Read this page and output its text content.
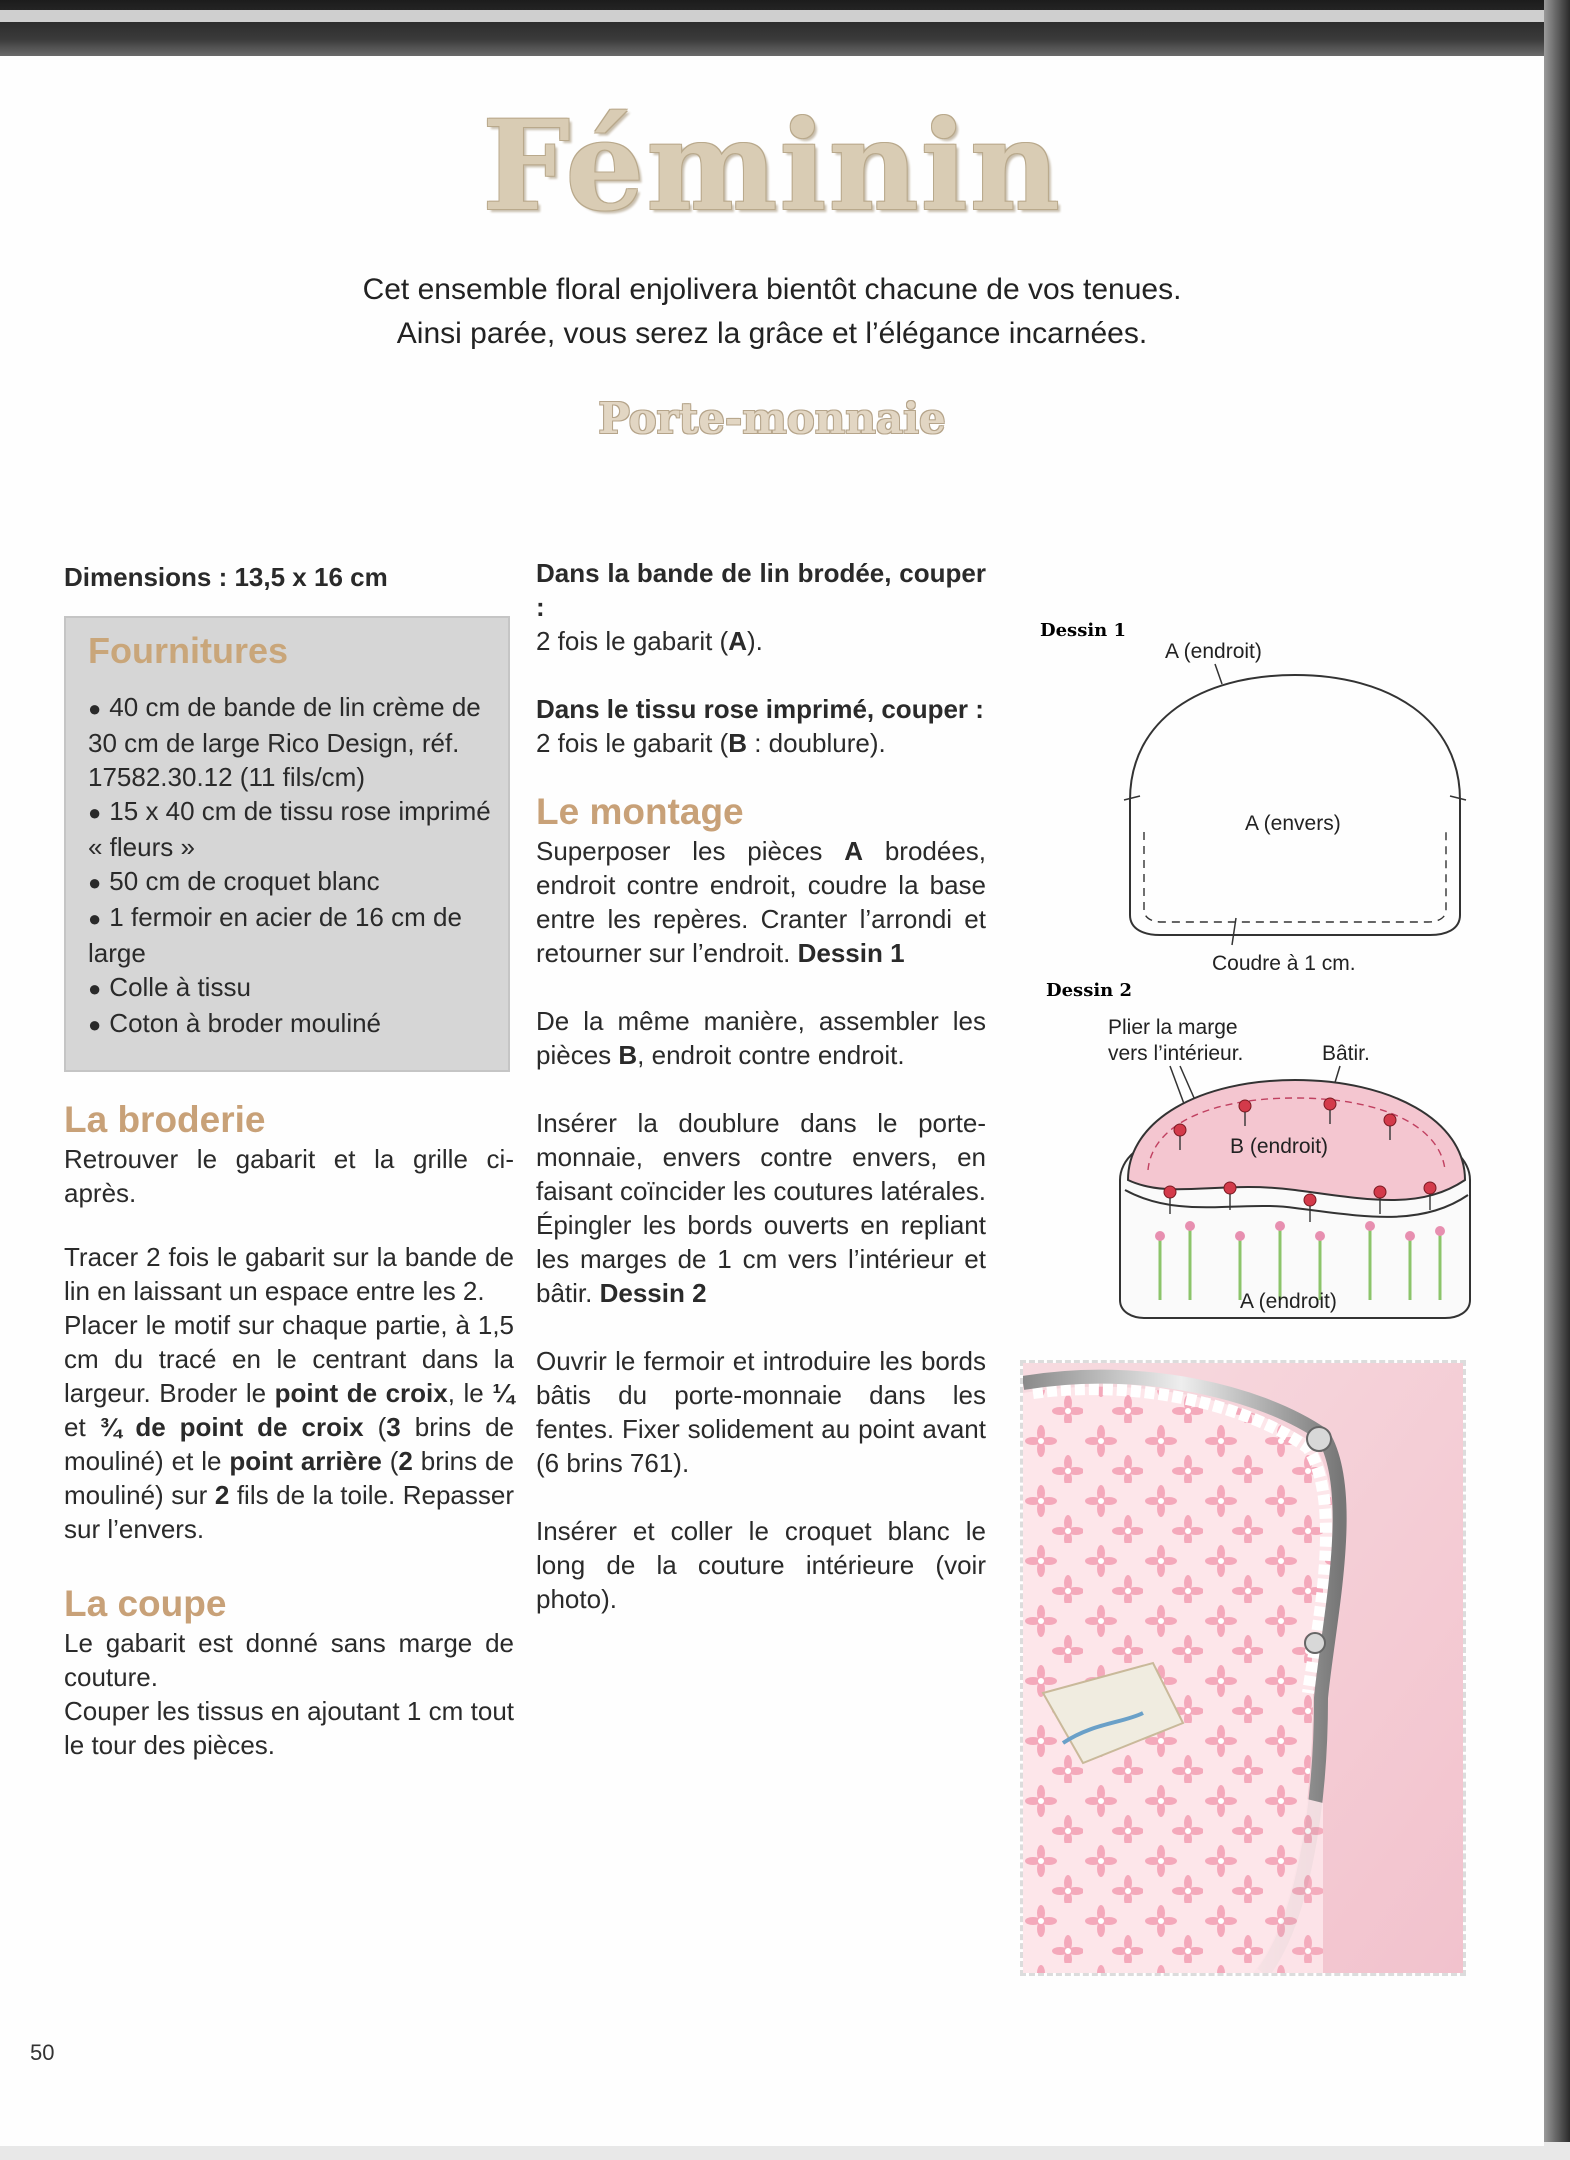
Féminin
Cet ensemble floral enjolivera bientôt chacune de vos tenues.
Ainsi parée, vous serez la grâce et l’élégance incarnées.
Porte-monnaie
Dimensions : 13,5 x 16 cm
Fournitures
● 40 cm de bande de lin crème de 30 cm de large Rico Design, réf. 17582.30.12 (11 fils/cm)
● 15 x 40 cm de tissu rose imprimé « fleurs »
● 50 cm de croquet blanc
● 1 fermoir en acier de 16 cm de large
● Colle à tissu
● Coton à broder mouliné
La broderie

Retrouver le gabarit et la grille ci-après.

Tracer 2 fois le gabarit sur la bande de lin en laissant un espace entre les 2.

Placer le motif sur chaque partie, à 1,5 cm du tracé en le centrant dans la largeur. Broder le point de croix, le ¼ et ¾ de point de croix (3 brins de mouliné) et le point arrière (2 brins de mouliné) sur 2 fils de la toile. Repasser sur l’envers.

La coupe

Le gabarit est donné sans marge de couture.

Couper les tissus en ajoutant 1 cm tout le tour des pièces.

Dans la bande de lin brodée, couper :

2 fois le gabarit (A).

Dans le tissu rose imprimé, couper :

2 fois le gabarit (B : doublure).

Le montage

Superposer les pièces A brodées, endroit contre endroit, coudre la base entre les repères. Cranter l’arrondi et retourner sur l’endroit. Dessin 1

De la même manière, assembler les pièces B, endroit contre endroit.

Insérer la doublure dans le porte-monnaie, envers contre envers, en faisant coïncider les coutures latérales. Épingler les bords ouverts en repliant les marges de 1 cm vers l’intérieur et bâtir. Dessin 2

Ouvrir le fermoir et introduire les bords bâtis du porte-monnaie dans les fentes. Fixer solidement au point avant (6 brins 761).

Insérer et coller le croquet blanc le long de la couture intérieure (voir photo).

Dessin 1
A (endroit)
A (envers)
Coudre à 1 cm.
Dessin 2
Plier la marge
vers l’intérieur.	Bâtir.
A (endroit)
B (endroit)
50
